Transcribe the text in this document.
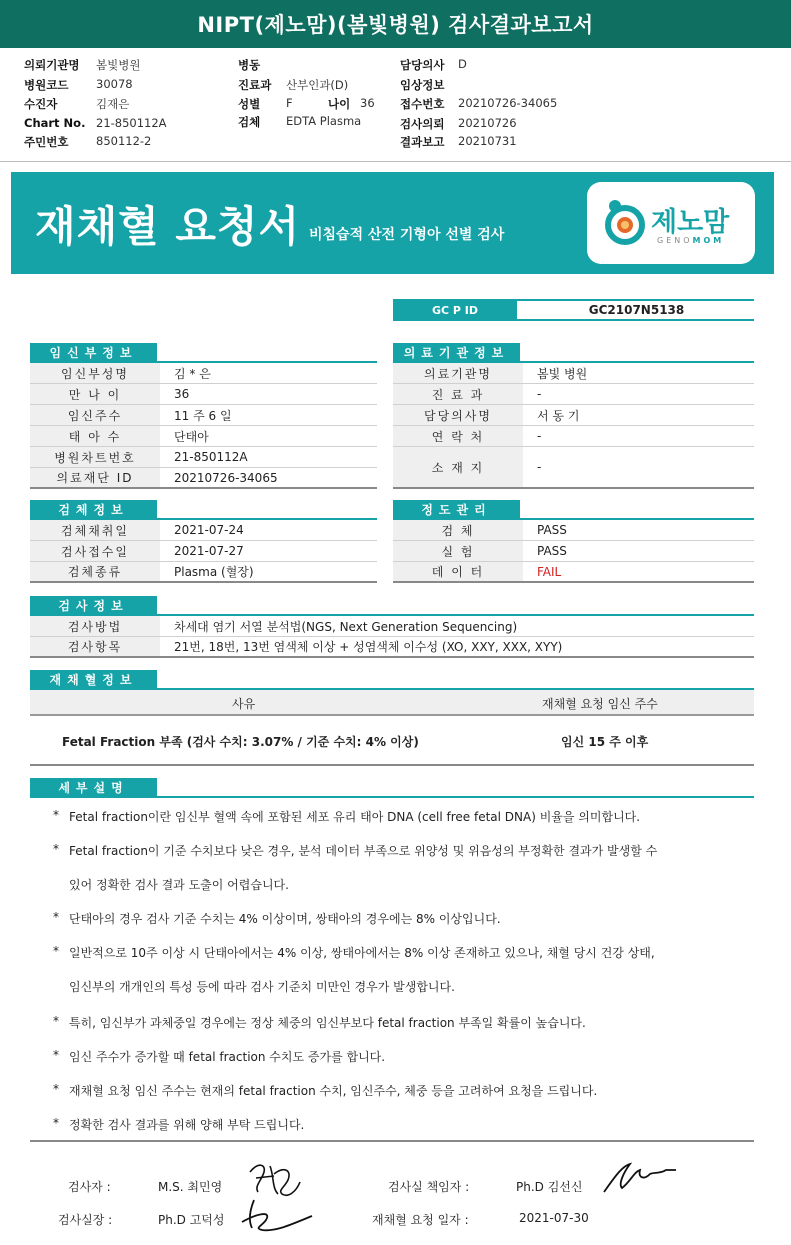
NIPT(제노맘)(봄빛병원) 검사결과보고서
의뢰기관명 봄빛병원
병원코드 30078
수진자	김재은
Chart No. 21-850112A
주민번호 850112-2
병동
진료과 산부인과(D)
성별 F	나이 36
검체 EDTA Plasma
담당의사 D
임상정보
접수번호 20210726-34065
검사의뢰 20210726
결과보고 20210731
재채혈 요청서 비침습적 산전 기형아 선별 검사	제노맘
GENOMOM
GC P ID	GC2107N5138
임신부정보
임신부성명	김 * 은
만 나 이	36
임신주수	11 주 6 일
태 아 수	단태아
병원차트번호	21-850112A
의료재단 ID	20210726-34065
의료기관정보
의료기관명	봄빛 병원
진 료 과	-
담당의사명	서 동 기
연 락 처	-
소 재 지	-
검체정보
검체채취일	2021-07-24
검사접수일	2021-07-27
검체종류	Plasma (혈장)
정도관리
검 체	PASS
실 험	PASS
데 이 터	FAIL
검사정보
검사방법	차세대 염기 서열 분석법(NGS, Next Generation Sequencing)
검사항목	21번, 18번, 13번 염색체 이상 + 성염색체 이수성 (XO, XXY, XXX, XYY)
재채혈정보
사유	재채혈 요청 임신 주수
Fetal Fraction 부족 (검사 수치: 3.07% / 기준 수치: 4% 이상)	임신 15 주 이후
세부설명
* Fetal fraction이란 임신부 혈액 속에 포함된 세포 유리 태아 DNA (cell free fetal DNA) 비율을 의미합니다.
* Fetal fraction이 기준 수치보다 낮은 경우, 분석 데이터 부족으로 위양성 및 위음성의 부정확한 결과가 발생할 수
있어 정확한 검사 결과 도출이 어렵습니다.
* 단태아의 경우 검사 기준 수치는 4% 이상이며, 쌍태아의 경우에는 8% 이상입니다.
* 일반적으로 10주 이상 시 단태아에서는 4% 이상, 쌍태아에서는 8% 이상 존재하고 있으나, 채혈 당시 건강 상태,
임신부의 개개인의 특성 등에 따라 검사 기준치 미만인 경우가 발생합니다.
* 특히, 임신부가 과체중일 경우에는 정상 체중의 임신부보다 fetal fraction 부족일 확률이 높습니다.
* 임신 주수가 증가할 때 fetal fraction 수치도 증가를 합니다.
* 재채혈 요청 임신 주수는 현재의 fetal fraction 수치, 임신주수, 체중 등을 고려하여 요청을 드립니다.
* 정확한 검사 결과를 위해 양해 부탁 드립니다.
검사자 :	M.S. 최민영	검사실 책임자 :	Ph.D 김선신
검사실장 :	Ph.D 고덕성	재채혈 요청 일자 :	2021-07-30
